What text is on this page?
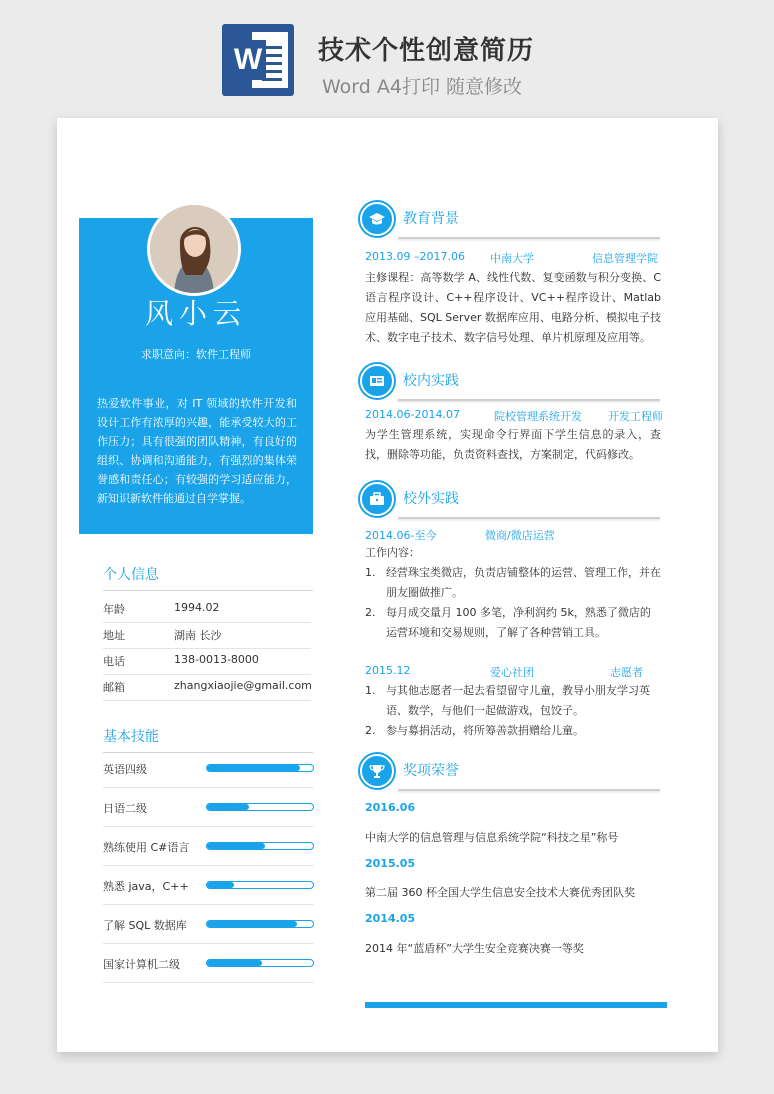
W 技术个性创意简历
Word A4打印 随意修改
风小云
求职意向：软件工程师
热爱软件事业，对 IT 领域的软件开发和设计工作有浓厚的兴趣，能承受较大的工作压力；具有很强的团队精神，有良好的组织、协调和沟通能力，有强烈的集体荣誉感和责任心；有较强的学习适应能力，新知识新软件能通过自学掌握。
个人信息
年龄	1994.02
地址	湖南 长沙
电话	138-0013-8000
邮箱	zhangxiaojie@gmail.com
基本技能
英语四级
日语二级
熟练使用 C#语言
熟悉 java，C++
了解 SQL 数据库
国家计算机二级
教育背景
2013.09 –2017.06 中南大学	信息管理学院
主修课程：高等数学 A、线性代数、复变函数与积分变换、C 语言程序设计、C++程序设计、VC++程序设计、Matlab 应用基础、SQL Server 数据库应用、电路分析、模拟电子技术、数字电子技术、数字信号处理、单片机原理及应用等。
校内实践
2014.06-2014.07	院校管理系统开发 开发工程师
为学生管理系统，实现命令行界面下学生信息的录入，查找，删除等功能，负责资料查找，方案制定，代码修改。
校外实践
2014.06-至今	微商/微店运营
工作内容：
1. 经营珠宝类微店，负责店铺整体的运营、管理工作，并在朋友圈做推广。
2. 每月成交量月 100 多笔，净利润约 5k，熟悉了微店的运营环境和交易规则，了解了各种营销工具。
2015.12	爱心社团	志愿者
1. 与其他志愿者一起去看望留守儿童，教导小朋友学习英语、数学，与他们一起做游戏，包饺子。
2. 参与募捐活动，将所筹善款捐赠给儿童。
奖项荣誉
2016.06
中南大学的信息管理与信息系统学院“科技之星”称号
2015.05
第二届 360 杯全国大学生信息安全技术大赛优秀团队奖
2014.05
2014 年“蓝盾杯”大学生安全竞赛决赛一等奖
